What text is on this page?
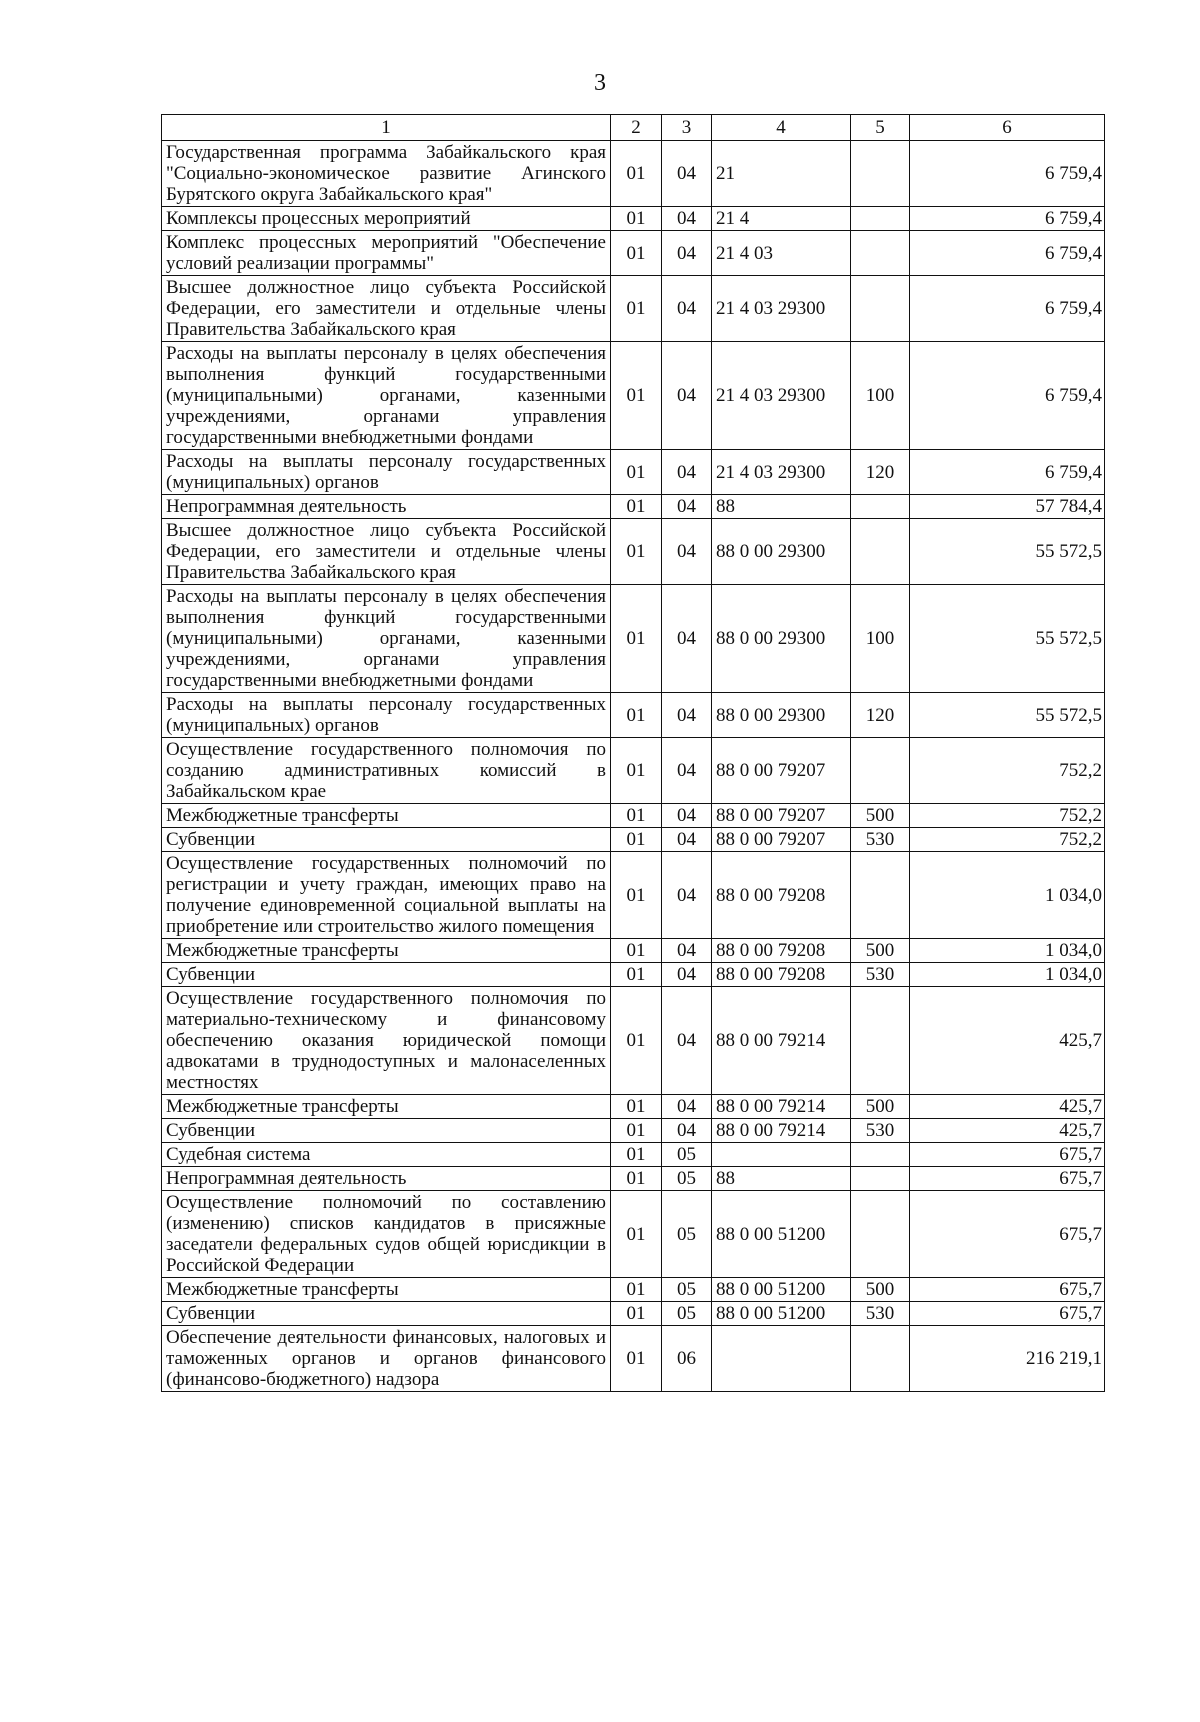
3
1	2	3	4	5	6
Государственная программа Забайкальского края "Социально-экономическое развитие Агинского Бурятского округа Забайкальского края"	01	04	21		6 759,4
Комплексы процессных мероприятий	01	04	21 4		6 759,4
Комплекс процессных мероприятий "Обеспечение условий реализации программы"	01	04	21 4 03		6 759,4
Высшее должностное лицо субъекта Российской Федерации, его заместители и отдельные члены Правительства Забайкальского края	01	04	21 4 03 29300		6 759,4
Расходы на выплаты персоналу в целях обеспечения выполнения функций государственными (муниципальными) органами, казенными учреждениями, органами управления государственными внебюджетными фондами	01	04	21 4 03 29300	100	6 759,4
Расходы на выплаты персоналу государственных (муниципальных) органов	01	04	21 4 03 29300	120	6 759,4
Непрограммная деятельность	01	04	88		57 784,4
Высшее должностное лицо субъекта Российской Федерации, его заместители и отдельные члены Правительства Забайкальского края	01	04	88 0 00 29300		55 572,5
Расходы на выплаты персоналу в целях обеспечения выполнения функций государственными (муниципальными) органами, казенными учреждениями, органами управления государственными внебюджетными фондами	01	04	88 0 00 29300	100	55 572,5
Расходы на выплаты персоналу государственных (муниципальных) органов	01	04	88 0 00 29300	120	55 572,5
Осуществление государственного полномочия по созданию административных комиссий в Забайкальском крае	01	04	88 0 00 79207		752,2
Межбюджетные трансферты	01	04	88 0 00 79207	500	752,2
Субвенции	01	04	88 0 00 79207	530	752,2
Осуществление государственных полномочий по регистрации и учету граждан, имеющих право на получение единовременной социальной выплаты на приобретение или строительство жилого помещения	01	04	88 0 00 79208		1 034,0
Межбюджетные трансферты	01	04	88 0 00 79208	500	1 034,0
Субвенции	01	04	88 0 00 79208	530	1 034,0
Осуществление государственного полномочия по материально-техническому и финансовому обеспечению оказания юридической помощи адвокатами в труднодоступных и малонаселенных местностях	01	04	88 0 00 79214		425,7
Межбюджетные трансферты	01	04	88 0 00 79214	500	425,7
Субвенции	01	04	88 0 00 79214	530	425,7
Судебная система	01	05			675,7
Непрограммная деятельность	01	05	88		675,7
Осуществление полномочий по составлению (изменению) списков кандидатов в присяжные заседатели федеральных судов общей юрисдикции в Российской Федерации	01	05	88 0 00 51200		675,7
Межбюджетные трансферты	01	05	88 0 00 51200	500	675,7
Субвенции	01	05	88 0 00 51200	530	675,7
Обеспечение деятельности финансовых, налоговых и таможенных органов и органов финансового (финансово-бюджетного) надзора	01	06			216 219,1
